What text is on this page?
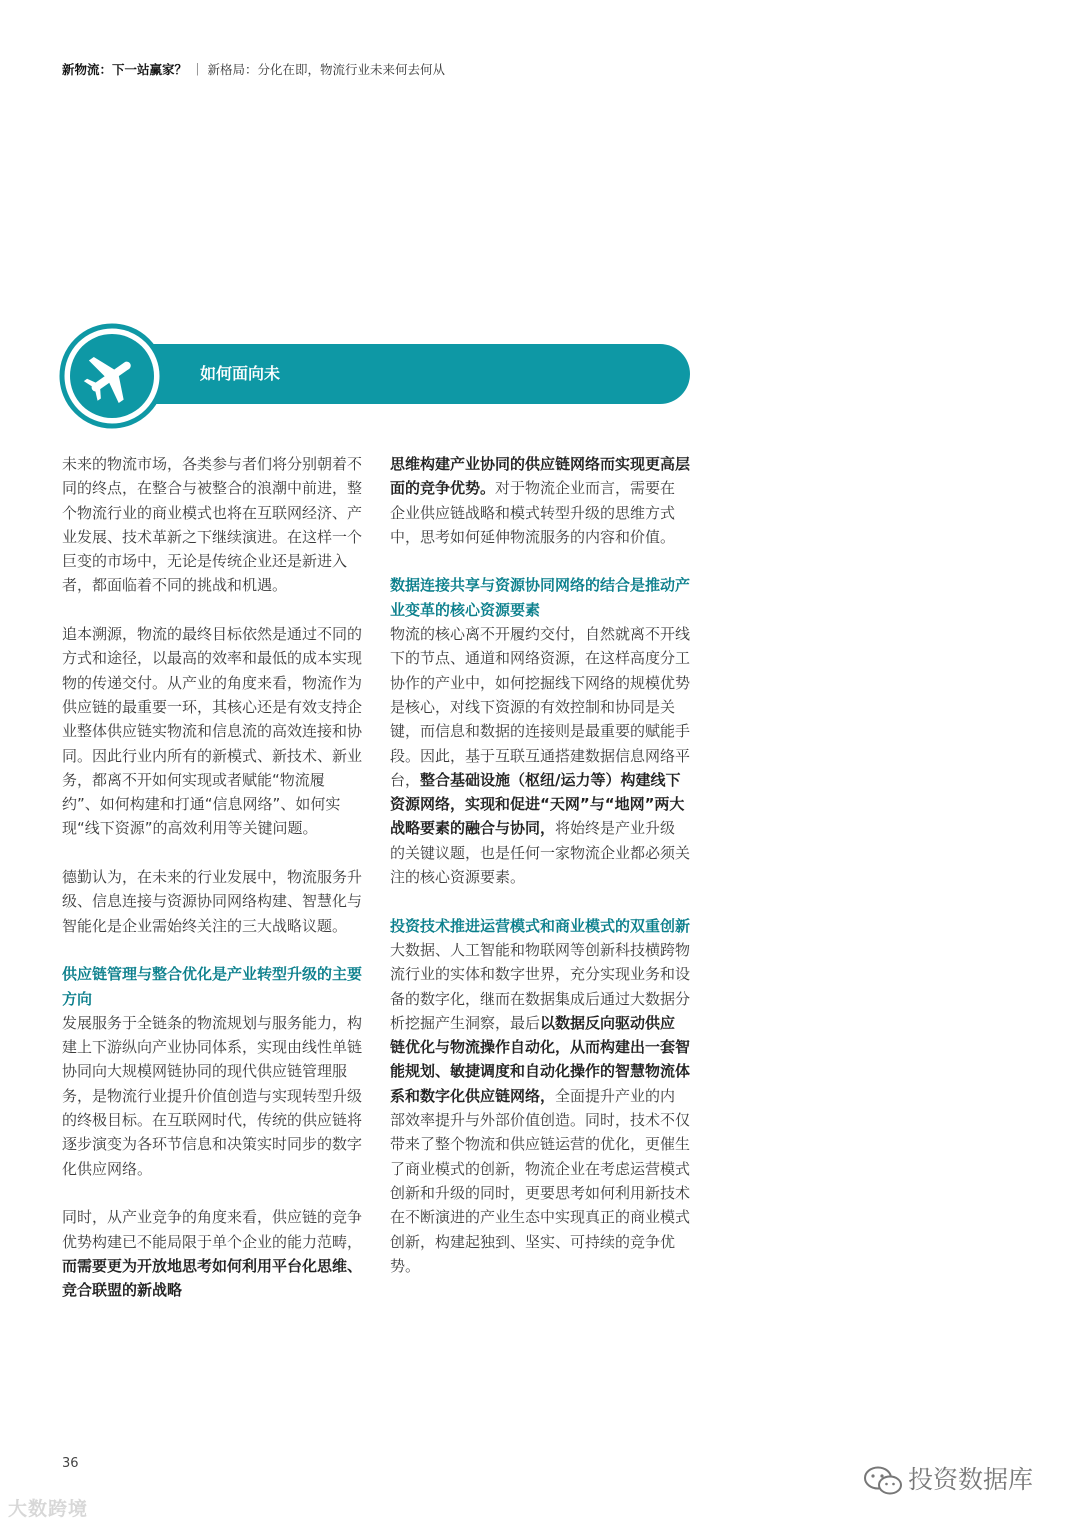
新物流：下一站赢家？ ｜ 新格局：分化在即，物流行业未来何去何从
如何面向未

未来的物流市场，各类参与者们将分别朝着不同的终点，在整合与被整合的浪潮中前进，整个物流行业的商业模式也将在互联网经济、产业发展、技术革新之下继续演进。在这样一个巨变的市场中，无论是传统企业还是新进入者，都面临着不同的挑战和机遇。

追本溯源，物流的最终目标依然是通过不同的方式和途径，以最高的效率和最低的成本实现物的传递交付。从产业的角度来看，物流作为供应链的最重要一环，其核心还是有效支持企业整体供应链实物流和信息流的高效连接和协同。因此行业内所有的新模式、新技术、新业务，都离不开如何实现或者赋能“物流履约”、如何构建和打通“信息网络”、如何实现“线下资源”的高效利用等关键问题。

德勤认为，在未来的行业发展中，物流服务升级、信息连接与资源协同网络构建、智慧化与智能化是企业需始终关注的三大战略议题。

供应链管理与整合优化是产业转型升级的主要方向

发展服务于全链条的物流规划与服务能力，构建上下游纵向产业协同体系，实现由线性单链协同向大规模网链协同的现代供应链管理服务，是物流行业提升价值创造与实现转型升级的终极目标。在互联网时代，传统的供应链将逐步演变为各环节信息和决策实时同步的数字化供应网络。

同时，从产业竞争的角度来看，供应链的竞争优势构建已不能局限于单个企业的能力范畴，而需要更为开放地思考如何利用平台化思维、竞合联盟的新战略

思维构建产业协同的供应链网络而实现更高层面的竞争优势。对于物流企业而言，需要在企业供应链战略和模式转型升级的思维方式中，思考如何延伸物流服务的内容和价值。

数据连接共享与资源协同网络的结合是推动产业变革的核心资源要素

物流的核心离不开履约交付，自然就离不开线下的节点、通道和网络资源，在这样高度分工协作的产业中，如何挖掘线下网络的规模优势是核心，对线下资源的有效控制和协同是关键，而信息和数据的连接则是最重要的赋能手段。因此，基于互联互通搭建数据信息网络平台，整合基础设施（枢纽/运力等）构建线下资源网络，实现和促进“天网”与“地网”两大战略要素的融合与协同，将始终是产业升级的关键议题，也是任何一家物流企业都必须关注的核心资源要素。

投资技术推进运营模式和商业模式的双重创新

大数据、人工智能和物联网等创新科技横跨物流行业的实体和数字世界，充分实现业务和设备的数字化，继而在数据集成后通过大数据分析挖掘产生洞察，最后以数据反向驱动供应链优化与物流操作自动化，从而构建出一套智能规划、敏捷调度和自动化操作的智慧物流体系和数字化供应链网络，全面提升产业的内部效率提升与外部价值创造。同时，技术不仅带来了整个物流和供应链运营的优化，更催生了商业模式的创新，物流企业在考虑运营模式创新和升级的同时，更要思考如何利用新技术在不断演进的产业生态中实现真正的商业模式创新，构建起独到、坚实、可持续的竞争优势。

36
大数跨境
投资数据库
